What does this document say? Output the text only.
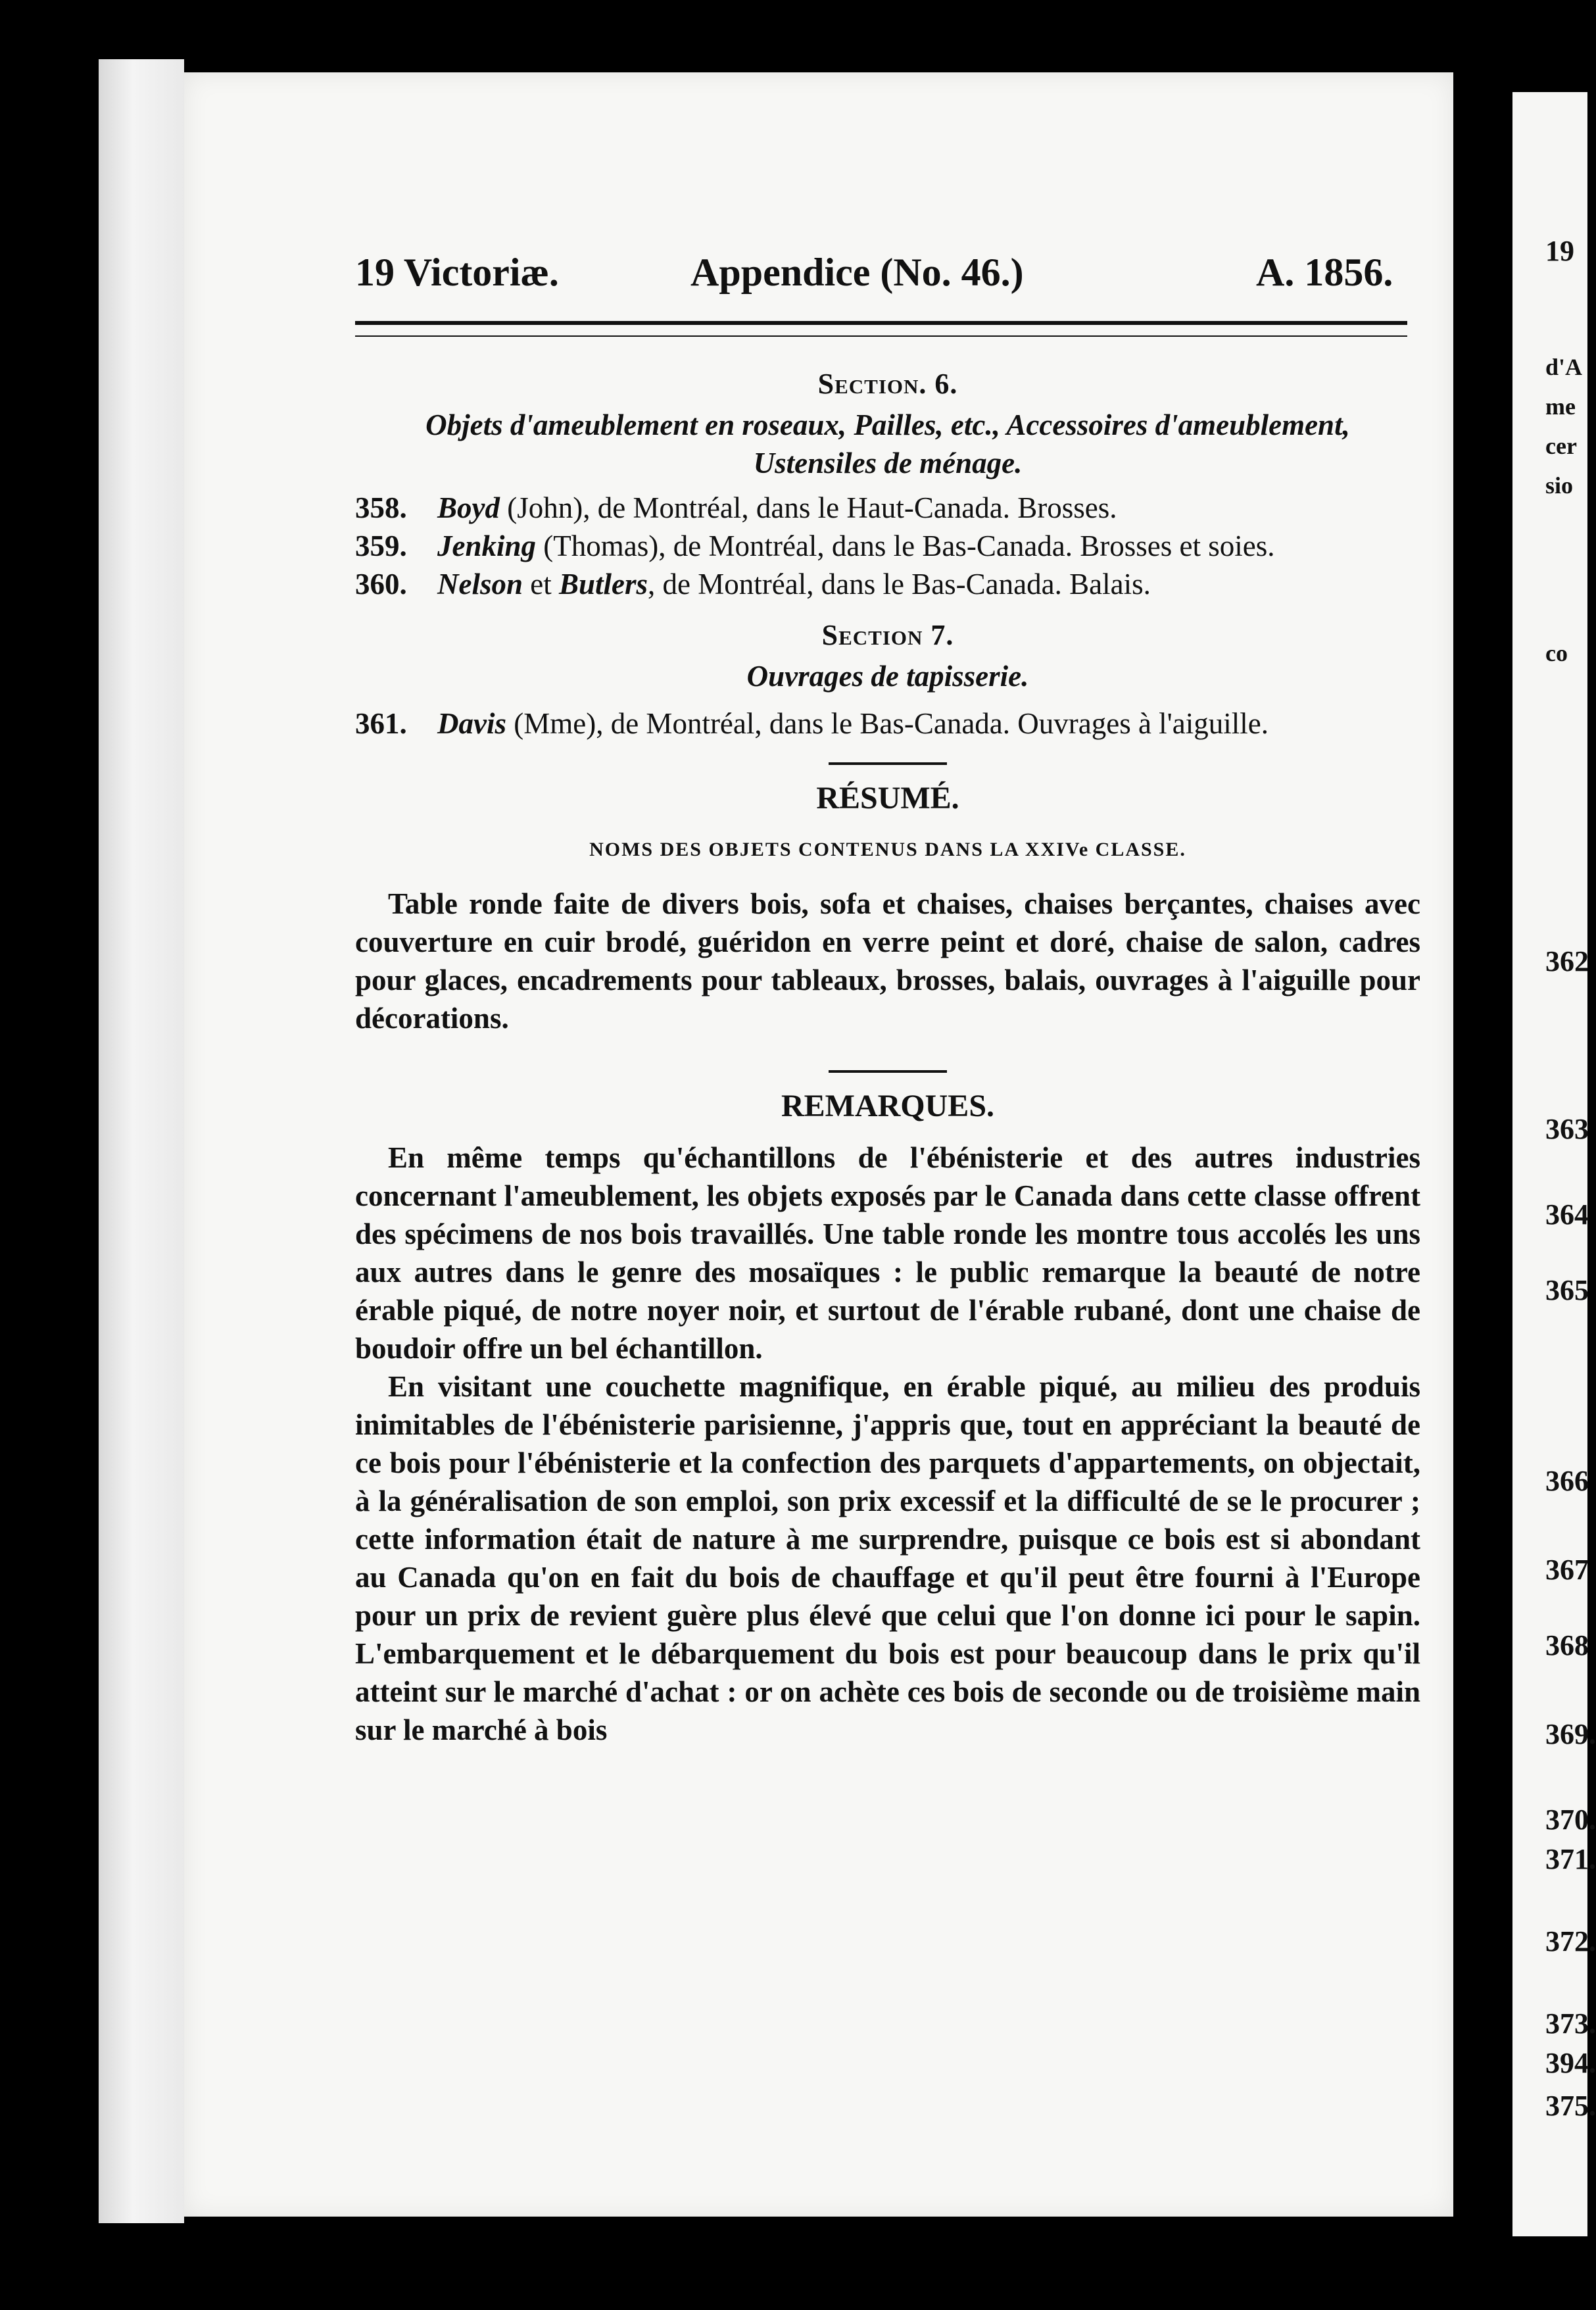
19
d'A
me
cer
sio
co
362
363
364
365
366
367
368
369.
370.
371.
372.
373.
394.
375.
19 Victoriæ.	Appendice (No. 46.)	A. 1856.

Section. 6.

Objets d'ameublement en roseaux, Pailles, etc., Accessoires d'ameublement,

Ustensiles de ménage.

358.	Boyd (John), de Montréal, dans le Haut-Canada. Brosses.
359.	Jenking (Thomas), de Montréal, dans le Bas-Canada. Brosses et soies.
360.	Nelson et Butlers, de Montréal, dans le Bas-Canada. Balais.

Section 7.

Ouvrages de tapisserie.

361.	Davis (Mme), de Montréal, dans le Bas-Canada. Ouvrages à l'aiguille.

RÉSUMÉ.

NOMS DES OBJETS CONTENUS DANS LA XXIVe CLASSE.

Table ronde faite de divers bois, sofa et chaises, chaises berçantes, chaises avec couverture en cuir brodé, guéridon en verre peint et doré, chaise de salon, cadres pour glaces, encadrements pour tableaux, brosses, balais, ouvrages à l'aiguille pour décorations.

REMARQUES.

En même temps qu'échantillons de l'ébénisterie et des autres industries concernant l'ameublement, les objets exposés par le Canada dans cette classe offrent des spécimens de nos bois travaillés. Une table ronde les montre tous accolés les uns aux autres dans le genre des mosaïques : le public remarque la beauté de notre érable piqué, de notre noyer noir, et surtout de l'érable rubané, dont une chaise de boudoir offre un bel échantillon.

En visitant une couchette magnifique, en érable piqué, au milieu des produis inimitables de l'ébénisterie parisienne, j'appris que, tout en appréciant la beauté de ce bois pour l'ébénisterie et la confection des parquets d'appartements, on objectait, à la généralisation de son emploi, son prix excessif et la difficulté de se le procurer ; cette information était de nature à me surprendre, puisque ce bois est si abondant au Canada qu'on en fait du bois de chauffage et qu'il peut être fourni à l'Europe pour un prix de revient guère plus élevé que celui que l'on donne ici pour le sapin. L'embarquement et le débarquement du bois est pour beaucoup dans le prix qu'il atteint sur le marché d'achat : or on achète ces bois de seconde ou de troisième main sur le marché à bois
